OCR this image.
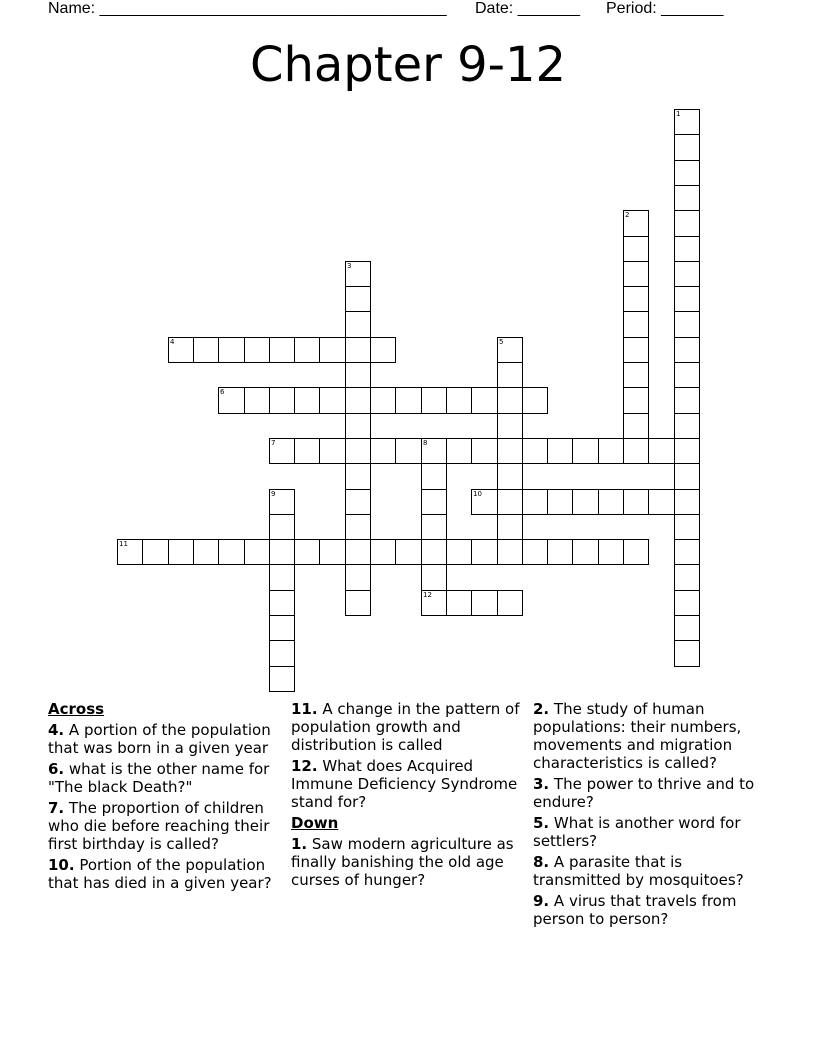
Name: _______________________________________ Date: _______ Period: _______
Chapter 9-12
1
2
3
4	5
6
7	8
12
9	10
11
Across
4. A portion of the population that was born in a given year
6. what is the other name for "The black Death?"
7. The proportion of children who die before reaching their first birthday is called?
10. Portion of the population that has died in a given year?
11. A change in the pattern of population growth and distribution is called
12. What does Acquired Immune Deficiency Syndrome stand for?
Down
1. Saw modern agriculture as finally banishing the old age curses of hunger?
2. The study of human populations: their numbers, movements and migration characteristics is called?
3. The power to thrive and to endure?
5. What is another word for settlers?
8. A parasite that is transmitted by mosquitoes?
9. A virus that travels from person to person?
